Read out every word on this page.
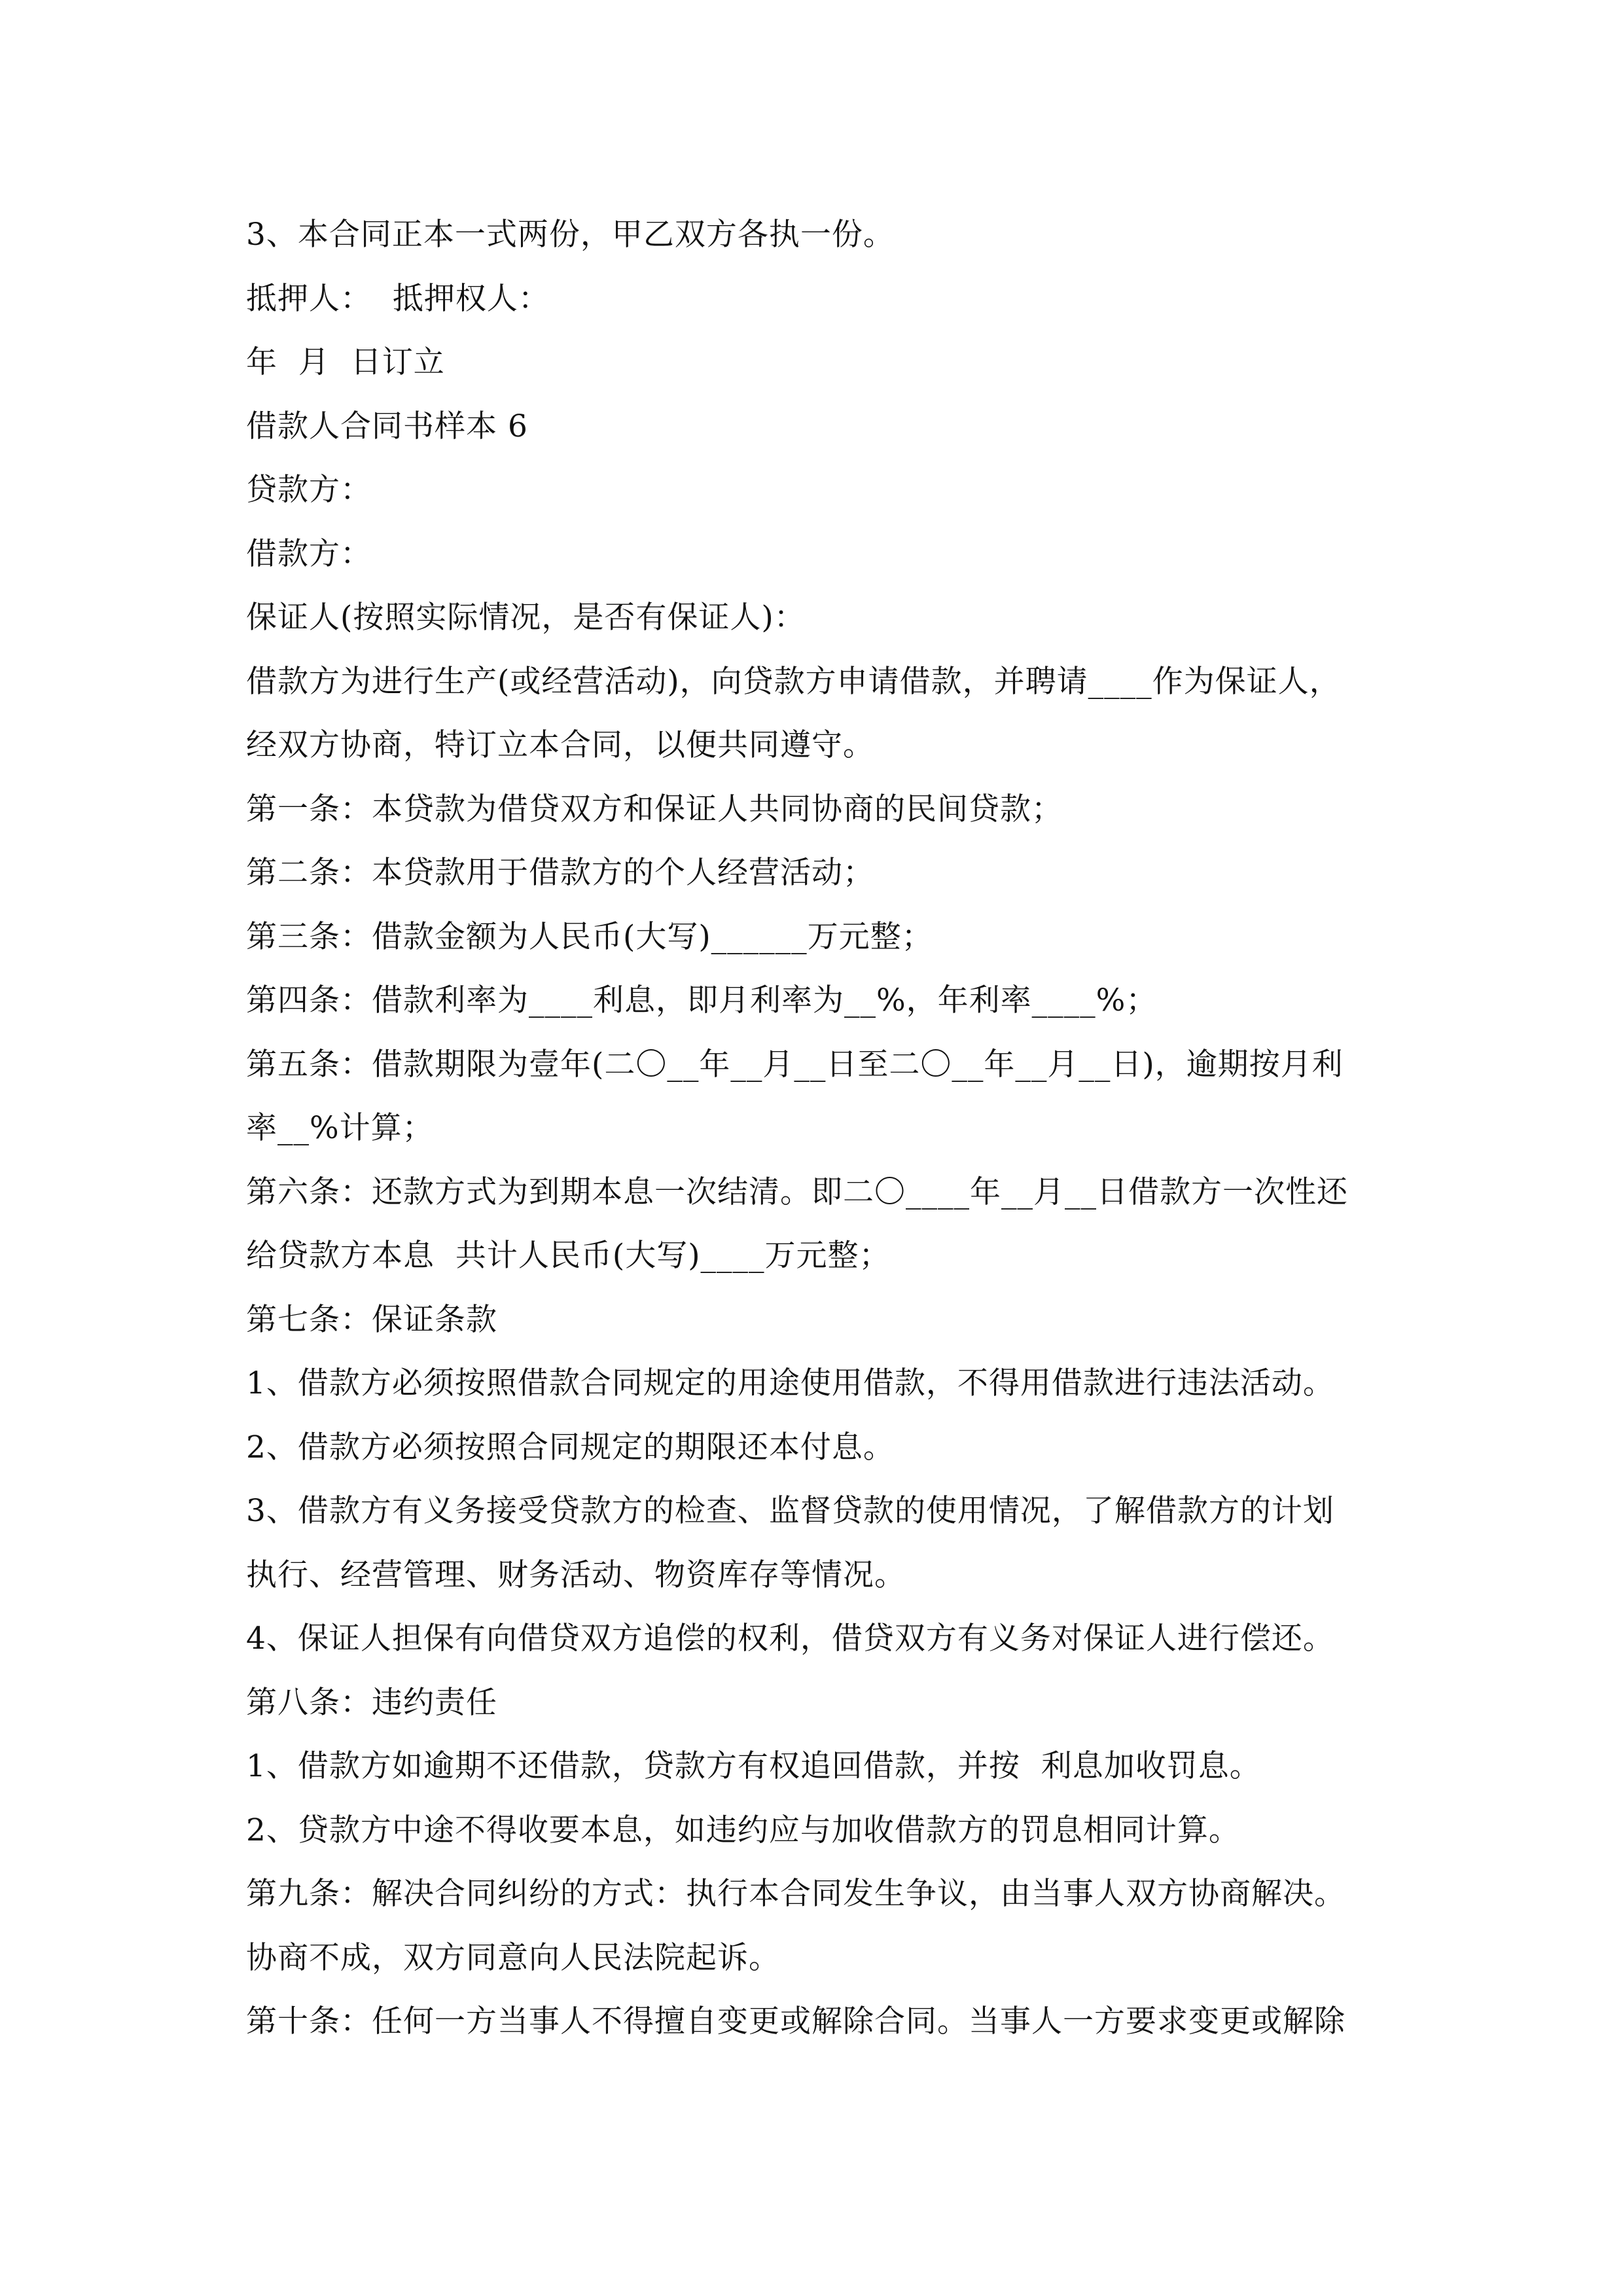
3、本合同正本一式两份，甲乙双方各执一份。
抵押人：  抵押权人：
年  月  日订立
借款人合同书样本 6
贷款方：
借款方：
保证人(按照实际情况，是否有保证人)：
借款方为进行生产(或经营活动)，向贷款方申请借款，并聘请____作为保证人，
经双方协商，特订立本合同，以便共同遵守。
第一条：本贷款为借贷双方和保证人共同协商的民间贷款；
第二条：本贷款用于借款方的个人经营活动；
第三条：借款金额为人民币(大写)______万元整；
第四条：借款利率为____利息，即月利率为__%，年利率____%；
第五条：借款期限为壹年(二〇__年__月__日至二〇__年__月__日)，逾期按月利
率__%计算；
第六条：还款方式为到期本息一次结清。即二〇____年__月__日借款方一次性还
给贷款方本息  共计人民币(大写)____万元整；
第七条：保证条款
1、借款方必须按照借款合同规定的用途使用借款，不得用借款进行违法活动。
2、借款方必须按照合同规定的期限还本付息。
3、借款方有义务接受贷款方的检查、监督贷款的使用情况，了解借款方的计划
执行、经营管理、财务活动、物资库存等情况。
4、保证人担保有向借贷双方追偿的权利，借贷双方有义务对保证人进行偿还。
第八条：违约责任
1、借款方如逾期不还借款，贷款方有权追回借款，并按  利息加收罚息。
2、贷款方中途不得收要本息，如违约应与加收借款方的罚息相同计算。
第九条：解决合同纠纷的方式：执行本合同发生争议，由当事人双方协商解决。
协商不成，双方同意向人民法院起诉。
第十条：任何一方当事人不得擅自变更或解除合同。当事人一方要求变更或解除
